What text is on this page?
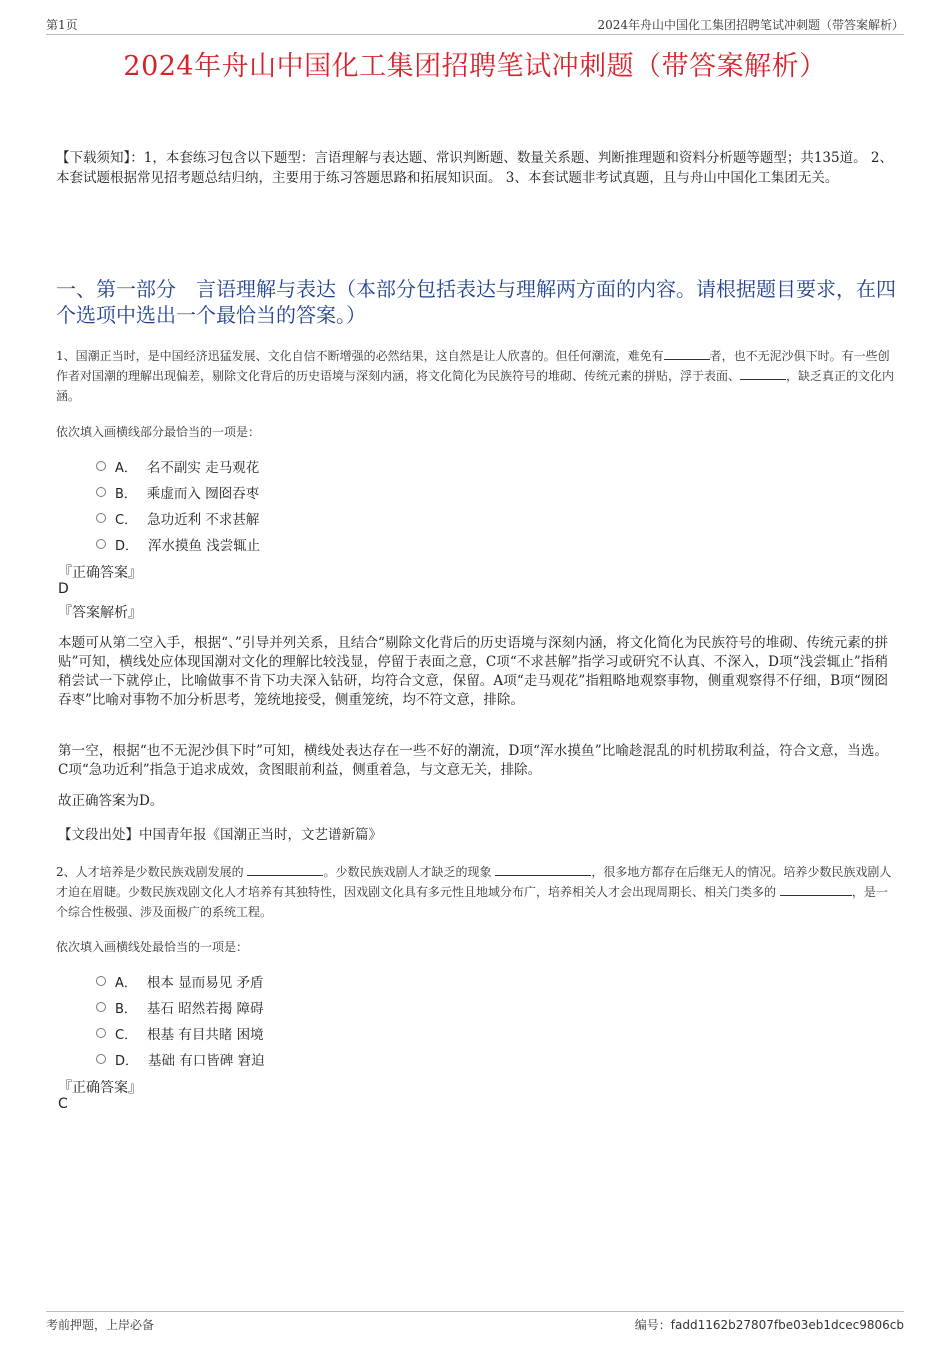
第1页	2024年舟山中国化工集团招聘笔试冲刺题（带答案解析）
2024年舟山中国化工集团招聘笔试冲刺题（带答案解析）
【下载须知】：1，本套练习包含以下题型：言语理解与表达题、常识判断题、数量关系题、判断推理题和资料分析题等题型；共135道。 2、本套试题根据常见招考题总结归纳，主要用于练习答题思路和拓展知识面。 3、本套试题非考试真题，且与舟山中国化工集团无关。
一、第一部分　言语理解与表达（本部分包括表达与理解两方面的内容。请根据题目要求，在四个选项中选出一个最恰当的答案。）
1、国潮正当时，是中国经济迅猛发展、文化自信不断增强的必然结果，这自然是让人欣喜的。但任何潮流，难免有	者，也不无泥沙俱下时。有一些创作者对国潮的理解出现偏差，剔除文化背后的历史语境与深刻内涵，将文化简化为民族符号的堆砌、传统元素的拼贴，浮于表面、	，缺乏真正的文化内涵。
依次填入画横线部分最恰当的一项是：
A． 名不副实 走马观花
B． 乘虚而入 囫囵吞枣
C． 急功近利 不求甚解
D． 浑水摸鱼 浅尝辄止
『正确答案』
D
『答案解析』
本题可从第二空入手，根据“、”引导并列关系，且结合“剔除文化背后的历史语境与深刻内涵，将文化简化为民族符号的堆砌、传统元素的拼贴”可知，横线处应体现国潮对文化的理解比较浅显，停留于表面之意，C项“不求甚解”指学习或研究不认真、不深入，D项“浅尝辄止”指稍稍尝试一下就停止，比喻做事不肯下功夫深入钻研，均符合文意，保留。A项“走马观花”指粗略地观察事物，侧重观察得不仔细，B项“囫囵吞枣”比喻对事物不加分析思考，笼统地接受，侧重笼统，均不符文意，排除。
第一空，根据“也不无泥沙俱下时”可知，横线处表达存在一些不好的潮流，D项“浑水摸鱼”比喻趁混乱的时机捞取利益，符合文意，当选。C项“急功近利”指急于追求成效，贪图眼前利益，侧重着急，与文意无关，排除。
故正确答案为D。
【文段出处】中国青年报《国潮正当时，文艺谱新篇》
2、人才培养是少数民族戏剧发展的	。少数民族戏剧人才缺乏的现象	，很多地方都存在后继无人的情况。培养少数民族戏剧人才迫在眉睫。少数民族戏剧文化人才培养有其独特性，因戏剧文化具有多元性且地域分布广，培养相关人才会出现周期长、相关门类多的	，是一个综合性极强、涉及面极广的系统工程。
依次填入画横线处最恰当的一项是：
A． 根本 显而易见 矛盾
B． 基石 昭然若揭 障碍
C． 根基 有目共睹 困境
D． 基础 有口皆碑 窘迫
『正确答案』
C
考前押题，上岸必备	编号：fadd1162b27807fbe03eb1dcec9806cb
